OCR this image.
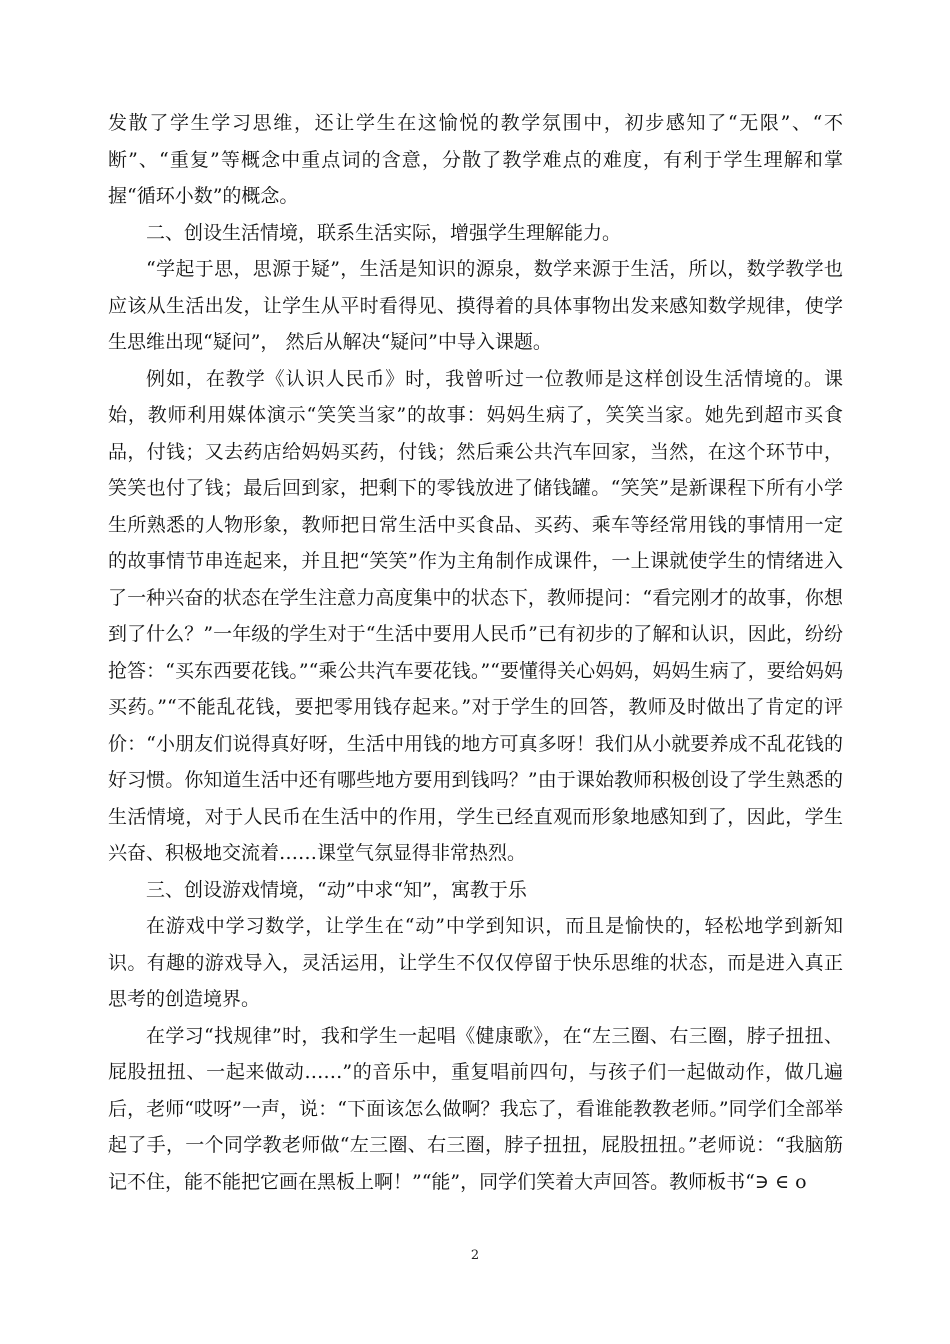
发散了学生学习思维，还让学生在这愉悦的教学氛围中，初步感知了“无限”、“不断”、“重复”等概念中重点词的含意，分散了教学难点的难度，有利于学生理解和掌握“循环小数”的概念。

二、创设生活情境，联系生活实际，增强学生理解能力。

“学起于思，思源于疑”，生活是知识的源泉，数学来源于生活，所以，数学教学也应该从生活出发，让学生从平时看得见、摸得着的具体事物出发来感知数学规律，使学生思维出现“疑问”， 然后从解决“疑问”中导入课题。

例如，在教学《认识人民币》时，我曾听过一位教师是这样创设生活情境的。课始，教师利用媒体演示“笑笑当家”的故事：妈妈生病了，笑笑当家。她先到超市买食品，付钱；又去药店给妈妈买药，付钱；然后乘公共汽车回家，当然，在这个环节中，笑笑也付了钱；最后回到家，把剩下的零钱放进了储钱罐。“笑笑”是新课程下所有小学生所熟悉的人物形象，教师把日常生活中买食品、买药、乘车等经常用钱的事情用一定的故事情节串连起来，并且把“笑笑”作为主角制作成课件，一上课就使学生的情绪进入了一种兴奋的状态在学生注意力高度集中的状态下，教师提问：“看完刚才的故事，你想到了什么？”一年级的学生对于“生活中要用人民币”已有初步的了解和认识，因此，纷纷抢答：“买东西要花钱。”“乘公共汽车要花钱。”“要懂得关心妈妈，妈妈生病了，要给妈妈买药。”“不能乱花钱，要把零用钱存起来。”对于学生的回答，教师及时做出了肯定的评价：“小朋友们说得真好呀，生活中用钱的地方可真多呀！我们从小就要养成不乱花钱的好习惯。你知道生活中还有哪些地方要用到钱吗？”由于课始教师积极创设了学生熟悉的生活情境，对于人民币在生活中的作用，学生已经直观而形象地感知到了，因此，学生兴奋、积极地交流着……课堂气氛显得非常热烈。

三、创设游戏情境，“动”中求“知”，寓教于乐

在游戏中学习数学，让学生在“动”中学到知识，而且是愉快的，轻松地学到新知识。有趣的游戏导入，灵活运用，让学生不仅仅停留于快乐思维的状态，而是进入真正思考的创造境界。

在学习“找规律”时，我和学生一起唱《健康歌》，在“左三圈、右三圈，脖子扭扭、屁股扭扭、一起来做动……”的音乐中，重复唱前四句，与孩子们一起做动作，做几遍后，老师“哎呀”一声，说：“下面该怎么做啊？我忘了，看谁能教教老师。”同学们全部举起了手，一个同学教老师做“左三圈、右三圈，脖子扭扭，屁股扭扭。”老师说：“我脑筋记不住，能不能把它画在黑板上啊！”“能”，同学们笑着大声回答。教师板书“∋ ∈ o

2
